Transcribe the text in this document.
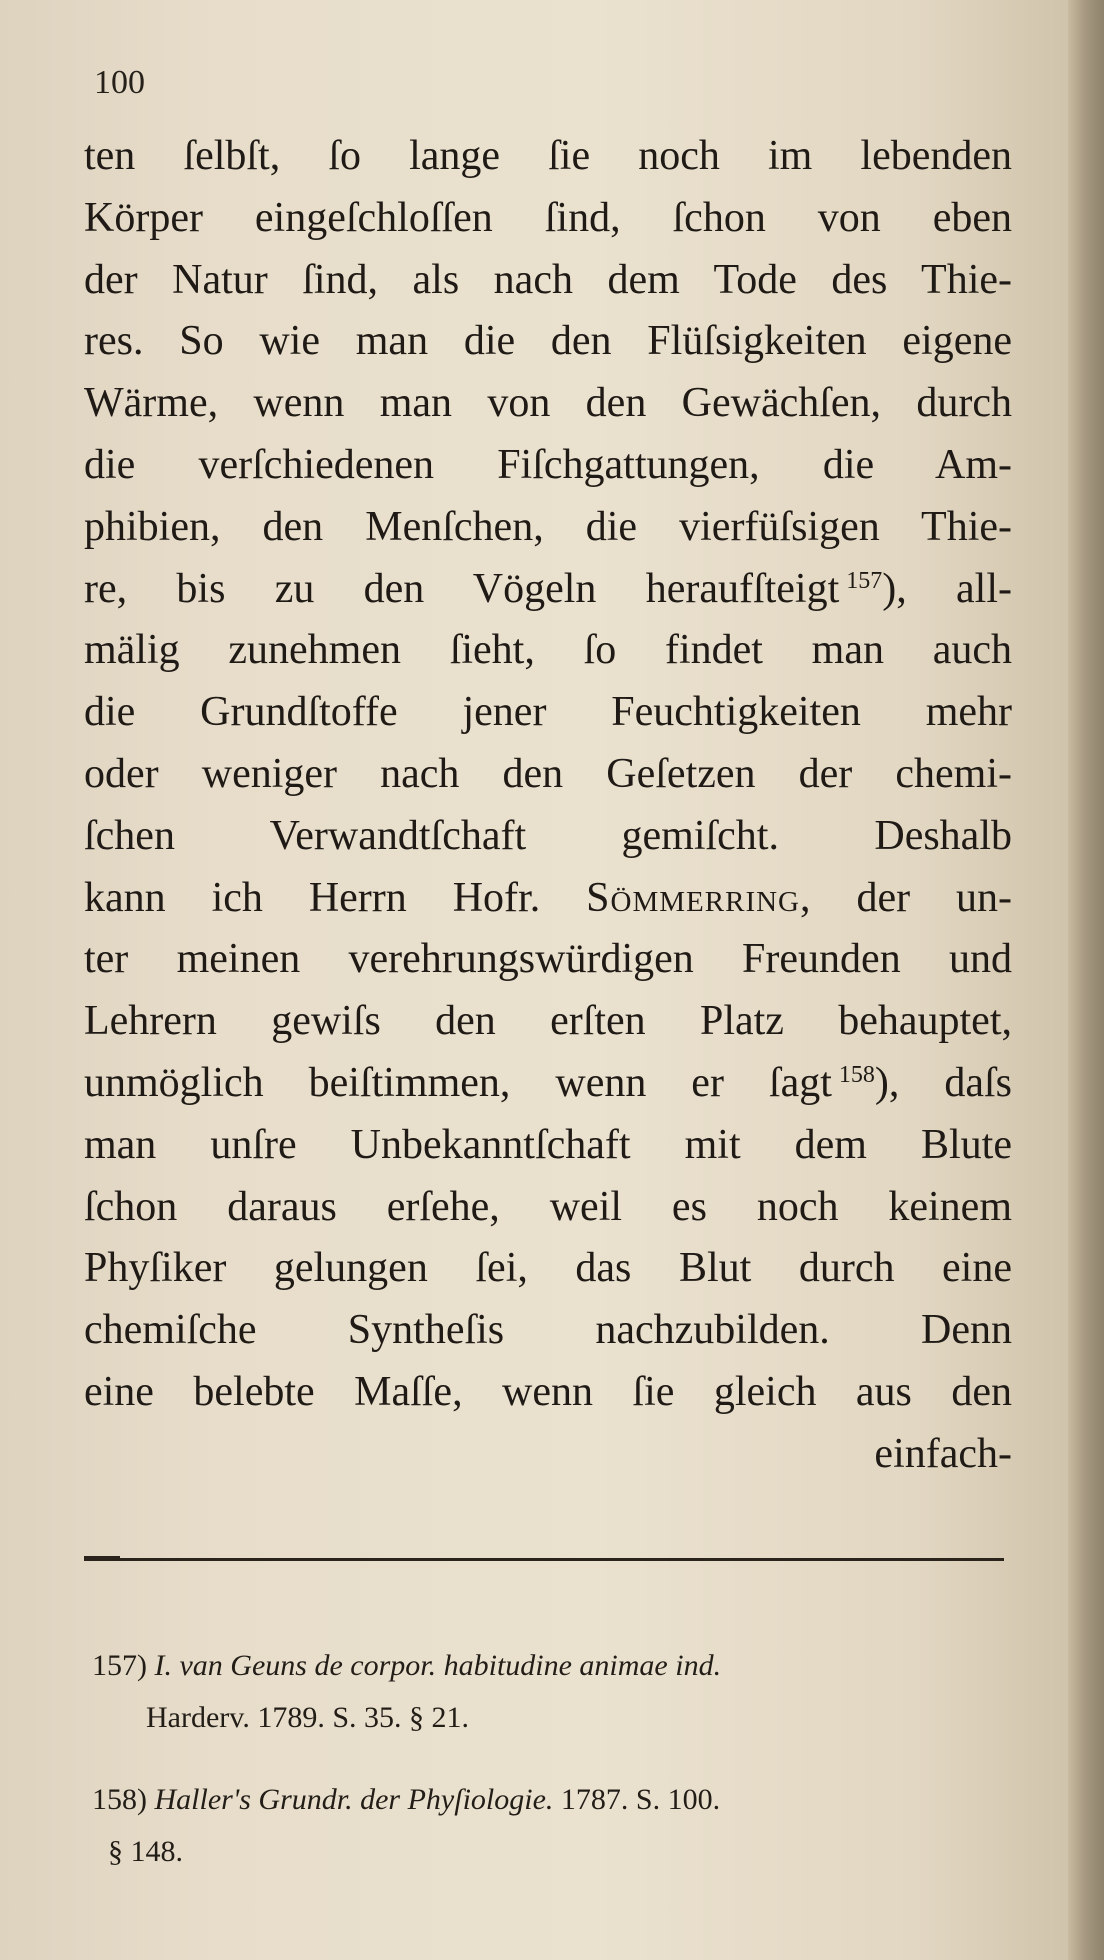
100
ten ſelbſt, ſo lange ſie noch im lebenden
Körper eingeſchloſſen ſind, ſchon von eben
der Natur ſind, als nach dem Tode des Thie-
res. So wie man die den Flüſsigkeiten eigene
Wärme, wenn man von den Gewächſen, durch
die verſchiedenen Fiſchgattungen, die Am-
phibien, den Menſchen, die vierfüſsigen Thie-
re, bis zu den Vögeln heraufſteigt  $^{157}$), all-
mälig zunehmen ſieht, ſo findet man auch
die Grundſtoffe jener Feuchtigkeiten mehr
oder weniger nach den Geſetzen der chemi-
ſchen Verwandtſchaft gemiſcht. Deshalb
kann ich Herrn Hofr. Sömmerring, der un-
ter meinen verehrungswürdigen Freunden und
Lehrern gewiſs den erſten Platz behauptet,
unmöglich beiſtimmen, wenn er ſagt  $^{158}$), daſs
man unſre Unbekanntſchaft mit dem Blute
ſchon daraus erſehe, weil es noch keinem
Phyſiker gelungen ſei, das Blut durch eine
chemiſche Syntheſis nachzubilden. Denn
eine belebte Maſſe, wenn ſie gleich aus den
einfach-
157) I. van Geuns de corpor. habitudine animae ind.
Harderv. 1789. S. 35. § 21.
158) Haller's Grundr. der Phyſiologie. 1787. S. 100.
§ 148.
